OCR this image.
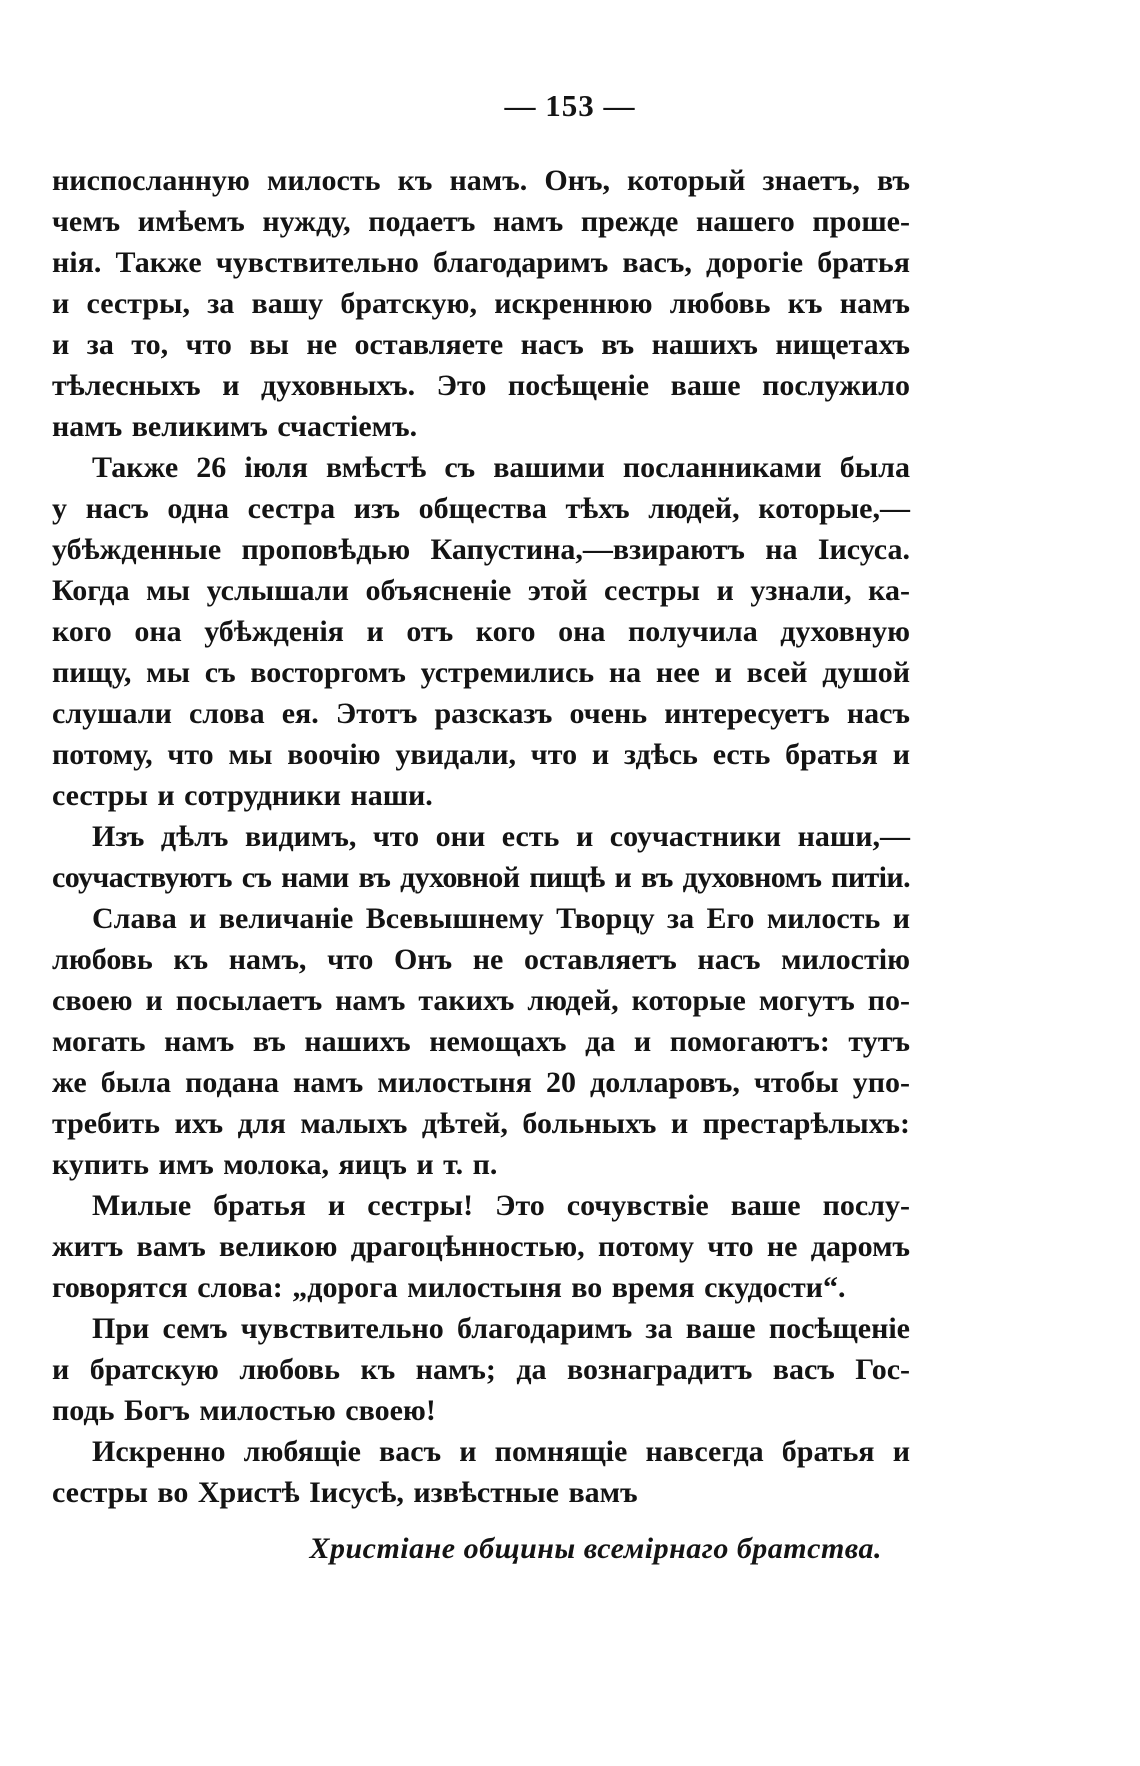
— 153 —

ниспосланную милость къ намъ. Онъ, который знаетъ, въ
чемъ имѣемъ нужду, подаетъ намъ прежде нашего проше-
нія. Также чувствительно благодаримъ васъ, дорогіе братья
и сестры, за вашу братскую, искреннюю любовь къ намъ
и за то, что вы не оставляете насъ въ нашихъ нищетахъ
тѣлесныхъ и духовныхъ. Это посѣщеніе ваше послужило
намъ великимъ счастіемъ.

Также 26 іюля вмѣстѣ съ вашими посланниками была
у насъ одна сестра изъ общества тѣхъ людей, которые,—
убѣжденные проповѣдью Капустина,—взираютъ на Іисуса.
Когда мы услышали объясненіе этой сестры и узнали, ка-
кого она убѣжденія и отъ кого она получила духовную
пищу, мы съ восторгомъ устремились на нее и всей душой
слушали слова ея. Этотъ разсказъ очень интересуетъ насъ
потому, что мы воочію увидали, что и здѣсь есть братья и
сестры и сотрудники наши.

Изъ дѣлъ видимъ, что они есть и соучастники наши,—
соучаствуютъ съ нами въ духовной пищѣ и въ духовномъ питіи.

Слава и величаніе Всевышнему Творцу за Его милость и
любовь къ намъ, что Онъ не оставляетъ насъ милостію
своею и посылаетъ намъ такихъ людей, которые могутъ по-
могать намъ въ нашихъ немощахъ да и помогаютъ: тутъ
же была подана намъ милостыня 20 долларовъ, чтобы упо-
требить ихъ для малыхъ дѣтей, больныхъ и престарѣлыхъ:
купить имъ молока, яицъ и т. п.

Милые братья и сестры! Это сочувствіе ваше послу-
житъ вамъ великою драгоцѣнностью, потому что не даромъ
говорятся слова: „дорога милостыня во время скудости“.

При семъ чувствительно благодаримъ за ваше посѣщеніе
и братскую любовь къ намъ; да вознаградитъ васъ Гос-
подь Богъ милостью своею!

Искренно любящіе васъ и помнящіе навсегда братья и
сестры во Христѣ Іисусѣ, извѣстные вамъ

Христіане общины всемірнаго братства.
